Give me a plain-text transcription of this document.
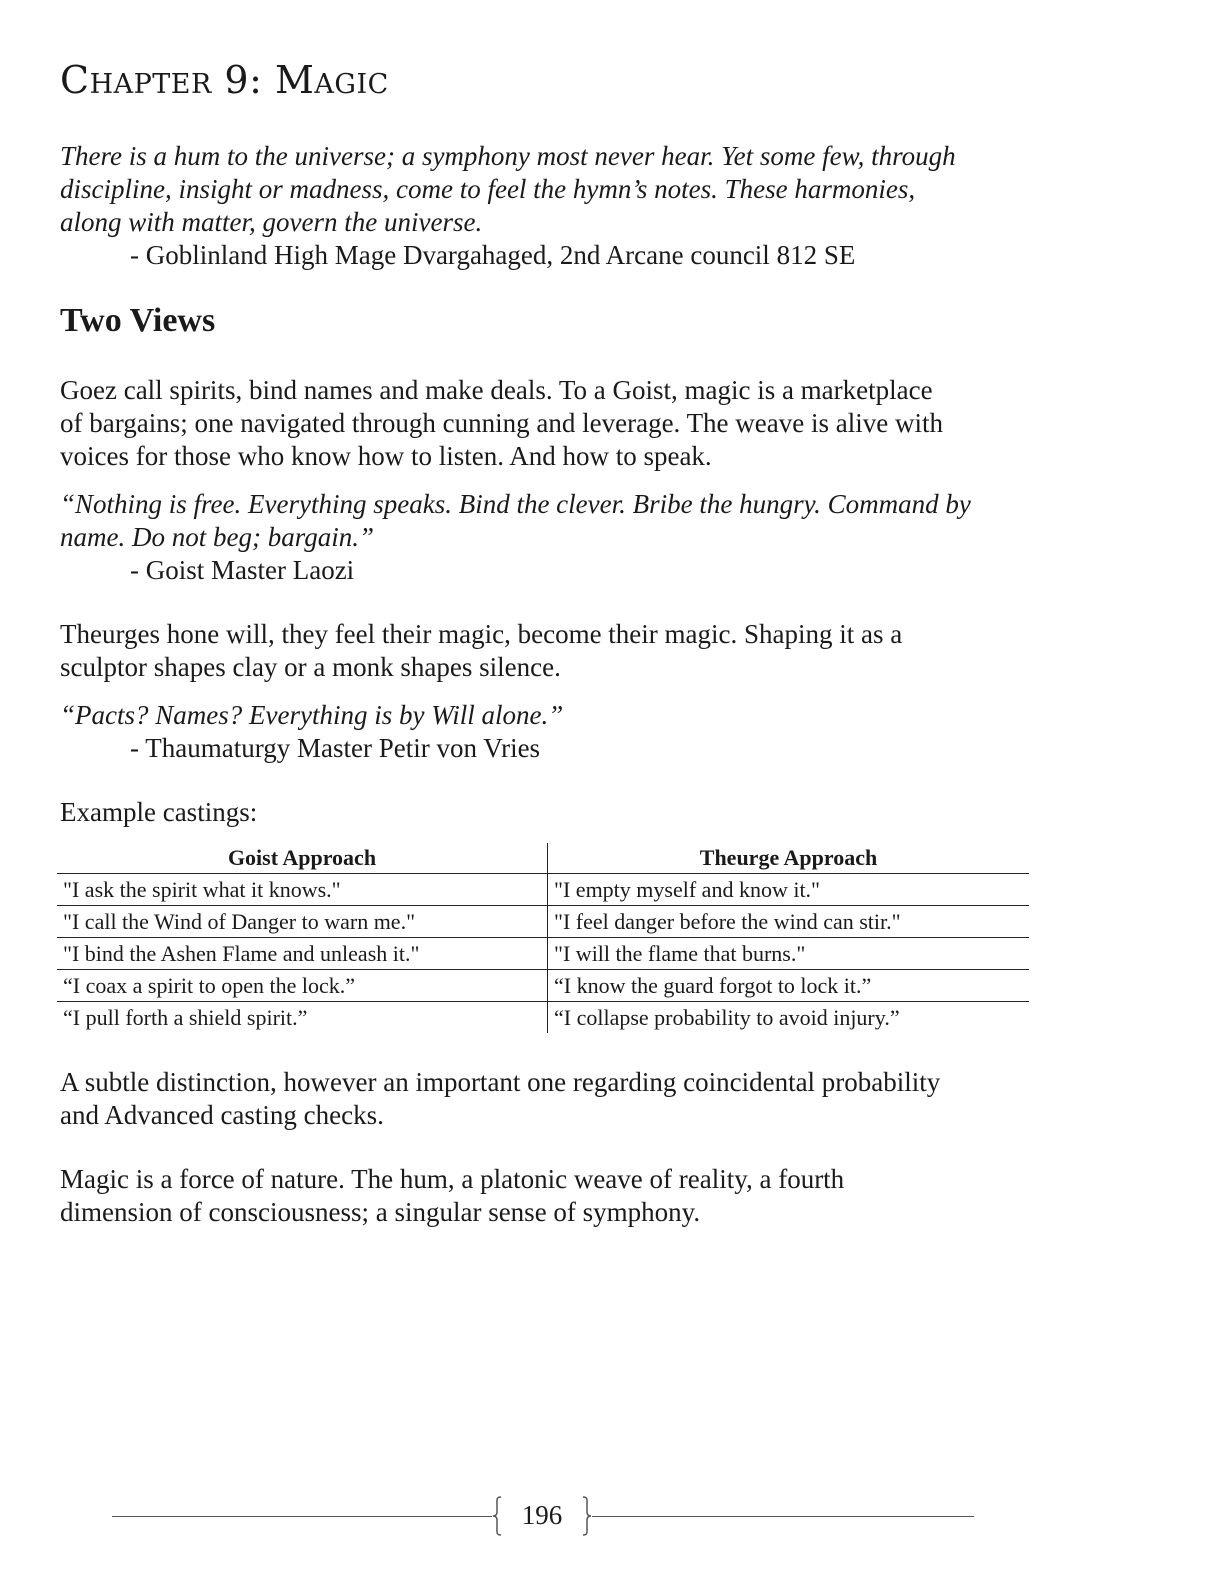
Chapter 9: Magic
There is a hum to the universe; a symphony most never hear. Yet some few, through
discipline, insight or madness, come to feel the hymn’s notes. These harmonies,
along with matter, govern the universe.
- Goblinland High Mage Dvargahaged, 2nd Arcane council 812 SE
Two Views
Goez call spirits, bind names and make deals. To a Goist, magic is a marketplace
of bargains; one navigated through cunning and leverage. The weave is alive with
voices for those who know how to listen. And how to speak.
“Nothing is free. Everything speaks. Bind the clever. Bribe the hungry. Command by
name. Do not beg; bargain.”
- Goist Master Laozi
Theurges hone will, they feel their magic, become their magic. Shaping it as a
sculptor shapes clay or a monk shapes silence.
“Pacts? Names? Everything is by Will alone.”
- Thaumaturgy Master Petir von Vries
Example castings:
Goist Approach	Theurge Approach
"I ask the spirit what it knows."	"I empty myself and know it."
"I call the Wind of Danger to warn me."	"I feel danger before the wind can stir."
"I bind the Ashen Flame and unleash it."	"I will the flame that burns."
“I coax a spirit to open the lock.”	“I know the guard forgot to lock it.”
“I pull forth a shield spirit.”	“I collapse probability to avoid injury.”
A subtle distinction, however an important one regarding coincidental probability
and Advanced casting checks.
Magic is a force of nature. The hum, a platonic weave of reality, a fourth
dimension of consciousness; a singular sense of symphony.
196
